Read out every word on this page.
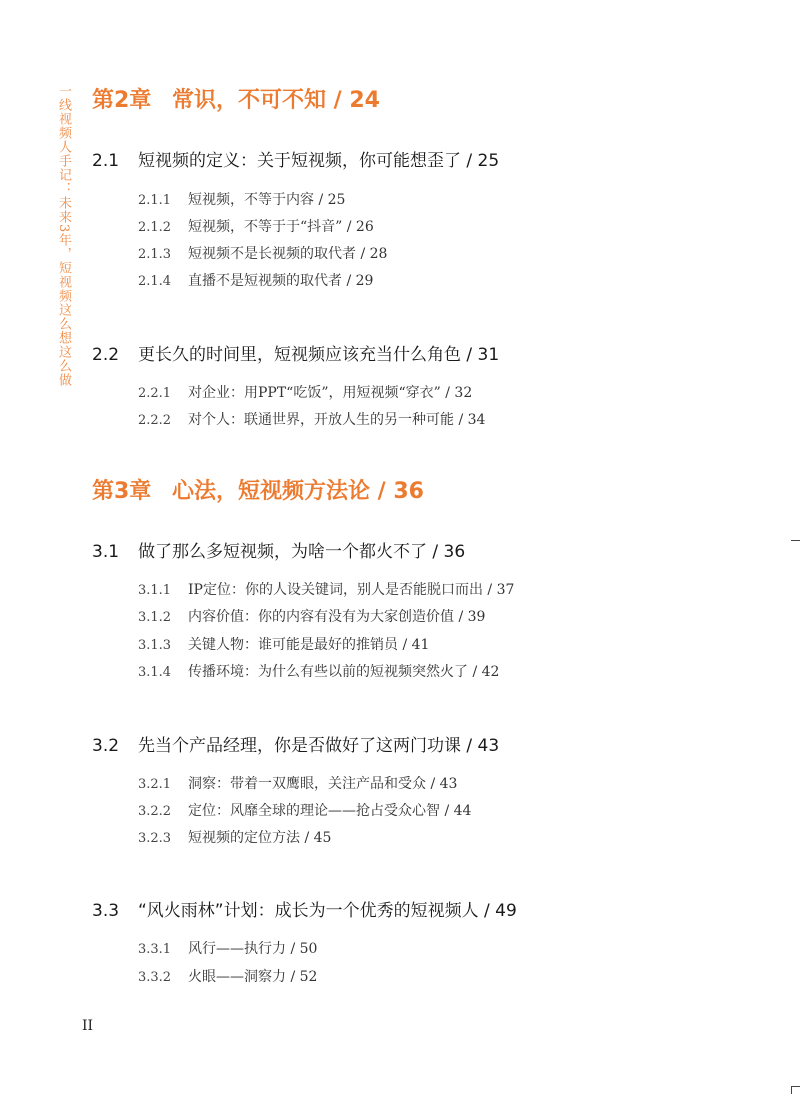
一线视频人手记：未来3年，短视频这么想这么做 第2章 常识，不可不知 / 24
2.1 短视频的定义：关于短视频，你可能想歪了 / 25
2.1.1 短视频，不等于内容 / 25
2.1.2 短视频，不等于于“抖音” / 26
2.1.3 短视频不是长视频的取代者 / 28
2.1.4 直播不是短视频的取代者 / 29
2.2 更长久的时间里，短视频应该充当什么角色 / 31
2.2.1 对企业：用PPT“吃饭”，用短视频“穿衣” / 32
2.2.2 对个人：联通世界，开放人生的另一种可能 / 34
第3章 心法，短视频方法论 / 36
3.1 做了那么多短视频，为啥一个都火不了 / 36
3.1.1 IP定位：你的人设关键词，别人是否能脱口而出 / 37
3.1.2 内容价值：你的内容有没有为大家创造价值 / 39
3.1.3 关键人物：谁可能是最好的推销员 / 41
3.1.4 传播环境：为什么有些以前的短视频突然火了 / 42
3.2 先当个产品经理，你是否做好了这两门功课 / 43
3.2.1 洞察：带着一双鹰眼，关注产品和受众 / 43
3.2.2 定位：风靡全球的理论——抢占受众心智 / 44
3.2.3 短视频的定位方法 / 45
3.3 “风火雨林”计划：成长为一个优秀的短视频人 / 49
3.3.1 风行——执行力 / 50
3.3.2 火眼——洞察力 / 52
II
